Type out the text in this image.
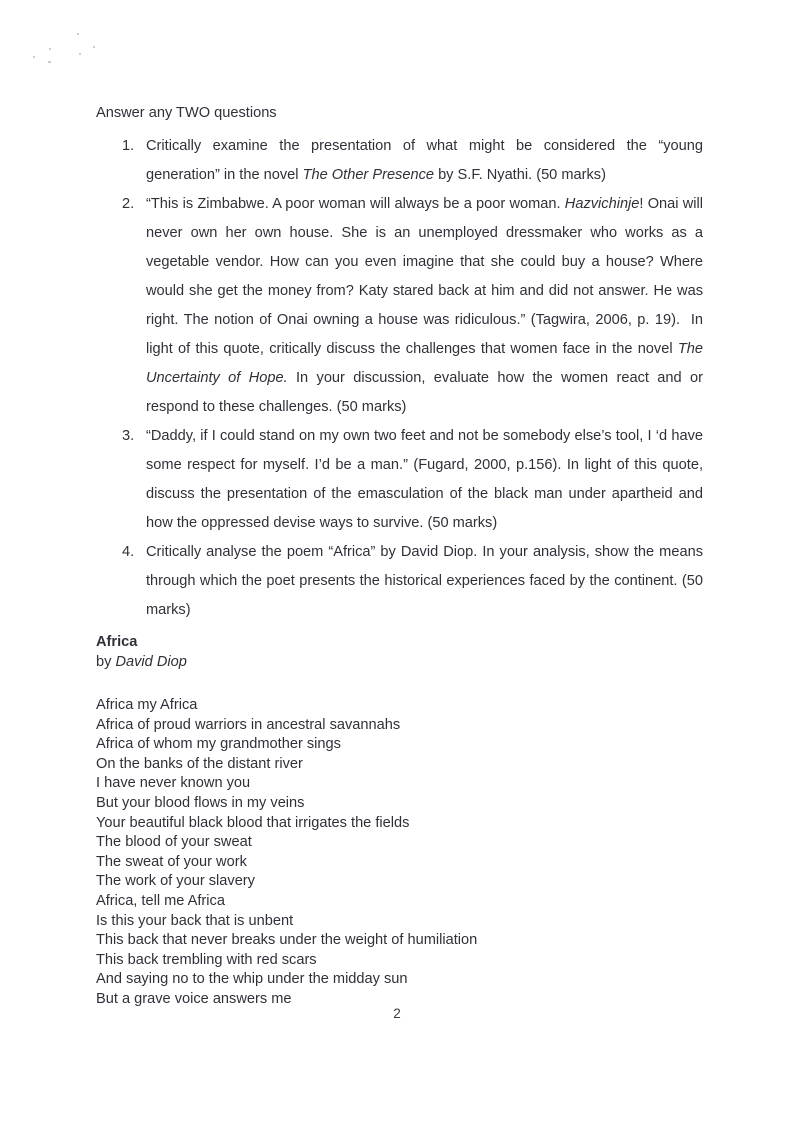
Answer any TWO questions

1. Critically examine the presentation of what might be considered the “young generation” in the novel The Other Presence by S.F. Nyathi. (50 marks)
2. “This is Zimbabwe. A poor woman will always be a poor woman. Hazvichinje! Onai will never own her own house. She is an unemployed dressmaker who works as a vegetable vendor. How can you even imagine that she could buy a house? Where would she get the money from? Katy stared back at him and did not answer. He was right. The notion of Onai owning a house was ridiculous.” (Tagwira, 2006, p. 19).  In light of this quote, critically discuss the challenges that women face in the novel The Uncertainty of Hope. In your discussion, evaluate how the women react and or respond to these challenges. (50 marks)
3. “Daddy, if I could stand on my own two feet and not be somebody else’s tool, I ‘d have some respect for myself. I’d be a man.” (Fugard, 2000, p.156). In light of this quote, discuss the presentation of the emasculation of the black man under apartheid and how the oppressed devise ways to survive. (50 marks)
4. Critically analyse the poem “Africa” by David Diop. In your analysis, show the means through which the poet presents the historical experiences faced by the continent. (50 marks)
Africa

by David Diop

Africa my Africa
Africa of proud warriors in ancestral savannahs
Africa of whom my grandmother sings
On the banks of the distant river
I have never known you
But your blood flows in my veins
Your beautiful black blood that irrigates the fields
The blood of your sweat
The sweat of your work
The work of your slavery
Africa, tell me Africa
Is this your back that is unbent
This back that never breaks under the weight of humiliation
This back trembling with red scars
And saying no to the whip under the midday sun
But a grave voice answers me
2
